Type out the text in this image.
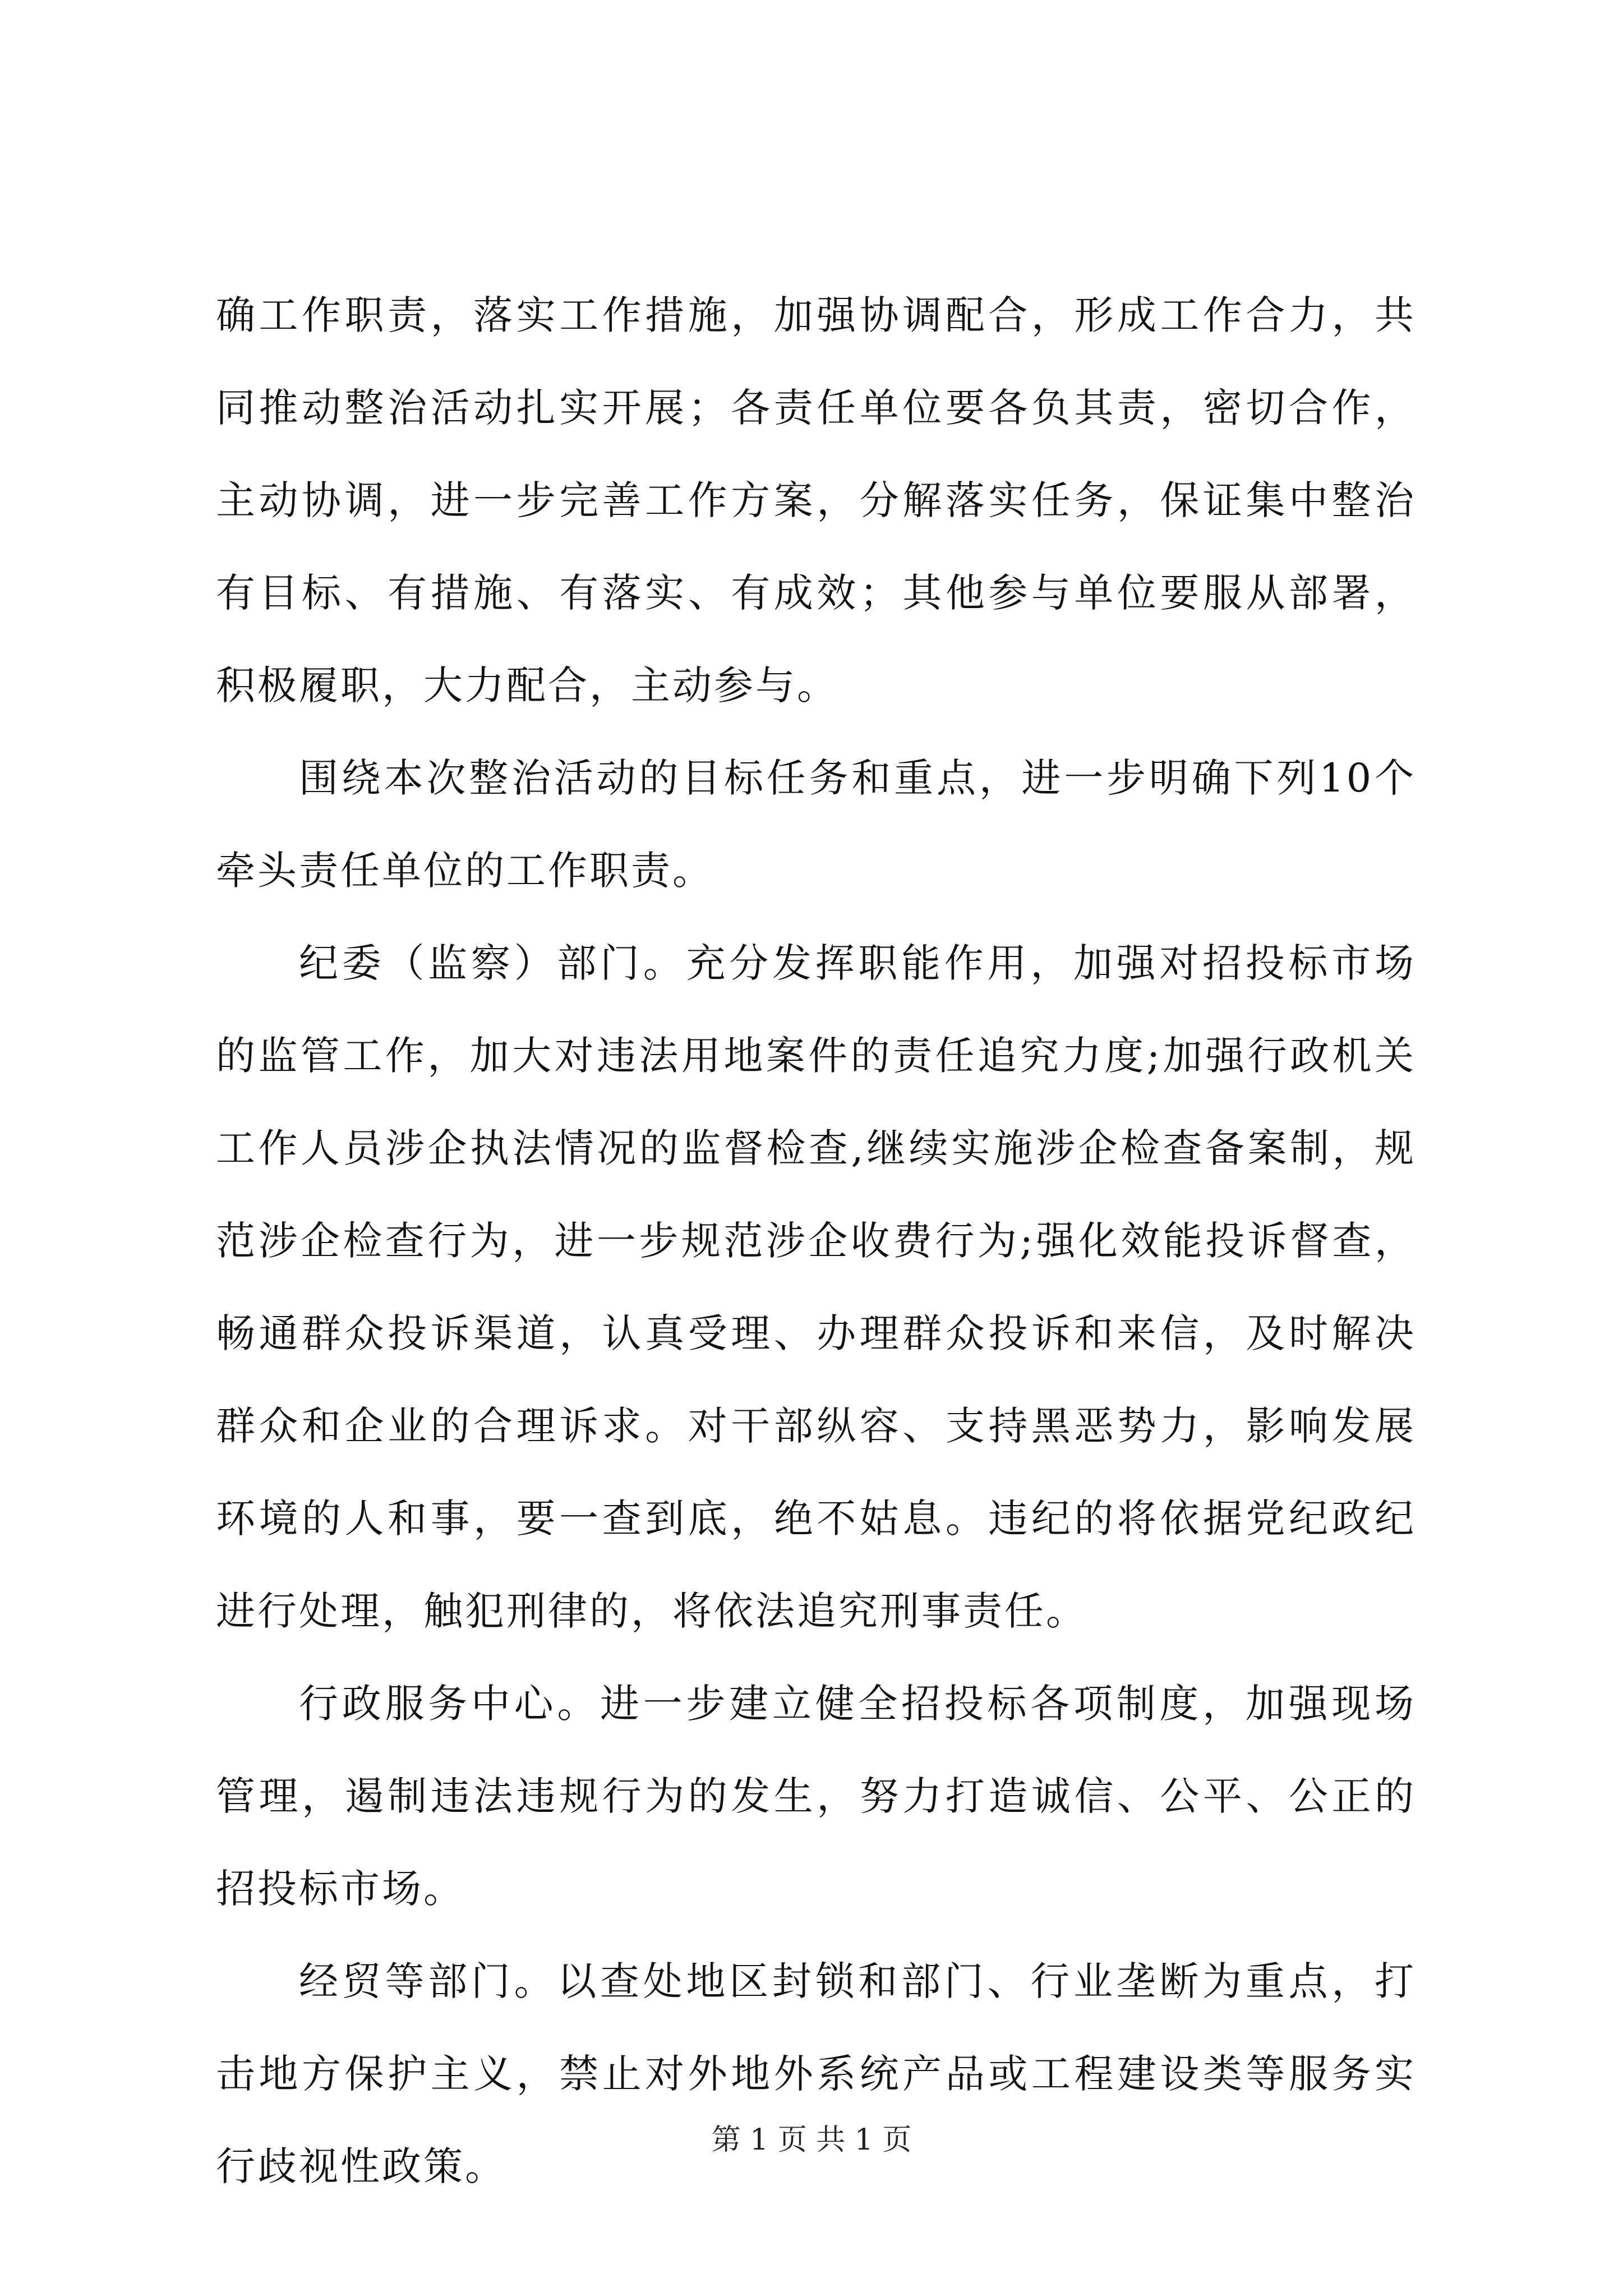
确工作职责，落实工作措施，加强协调配合，形成工作合力，共同推动整治活动扎实开展；各责任单位要各负其责，密切合作，主动协调，进一步完善工作方案，分解落实任务，保证集中整治有目标、有措施、有落实、有成效；其他参与单位要服从部署，积极履职，大力配合，主动参与。

围绕本次整治活动的目标任务和重点，进一步明确下列10个牵头责任单位的工作职责。

纪委（监察）部门。充分发挥职能作用，加强对招投标市场的监管工作，加大对违法用地案件的责任追究力度;加强行政机关工作人员涉企执法情况的监督检查,继续实施涉企检查备案制，规范涉企检查行为，进一步规范涉企收费行为;强化效能投诉督查，畅通群众投诉渠道，认真受理、办理群众投诉和来信，及时解决群众和企业的合理诉求。对干部纵容、支持黑恶势力，影响发展环境的人和事，要一查到底，绝不姑息。违纪的将依据党纪政纪进行处理，触犯刑律的，将依法追究刑事责任。

行政服务中心。进一步建立健全招投标各项制度，加强现场管理，遏制违法违规行为的发生，努力打造诚信、公平、公正的招投标市场。

经贸等部门。以查处地区封锁和部门、行业垄断为重点，打击地方保护主义，禁止对外地外系统产品或工程建设类等服务实行歧视性政策。

第 1 页 共 1 页
